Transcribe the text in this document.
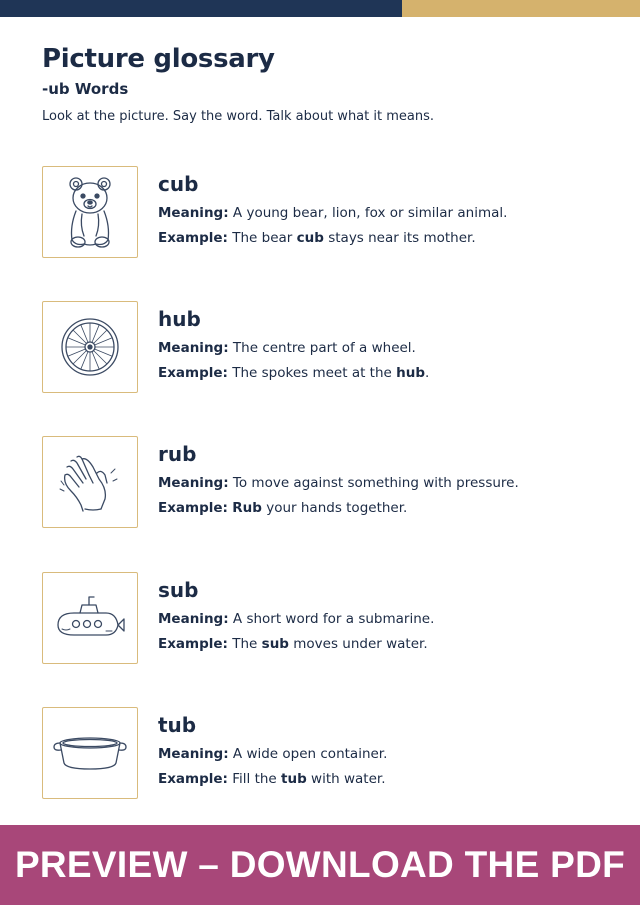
Picture glossary
-ub Words
Look at the picture. Say the word. Talk about what it means.
cub
Meaning: A young bear, lion, fox or similar animal.
Example: The bear cub stays near its mother.
hub
Meaning: The centre part of a wheel.
Example: The spokes meet at the hub.
rub
Meaning: To move against something with pressure.
Example: Rub your hands together.
sub
Meaning: A short word for a submarine.
Example: The sub moves under water.
tub
Meaning: A wide open container.
Example: Fill the tub with water.
PREVIEW – DOWNLOAD THE PDF
